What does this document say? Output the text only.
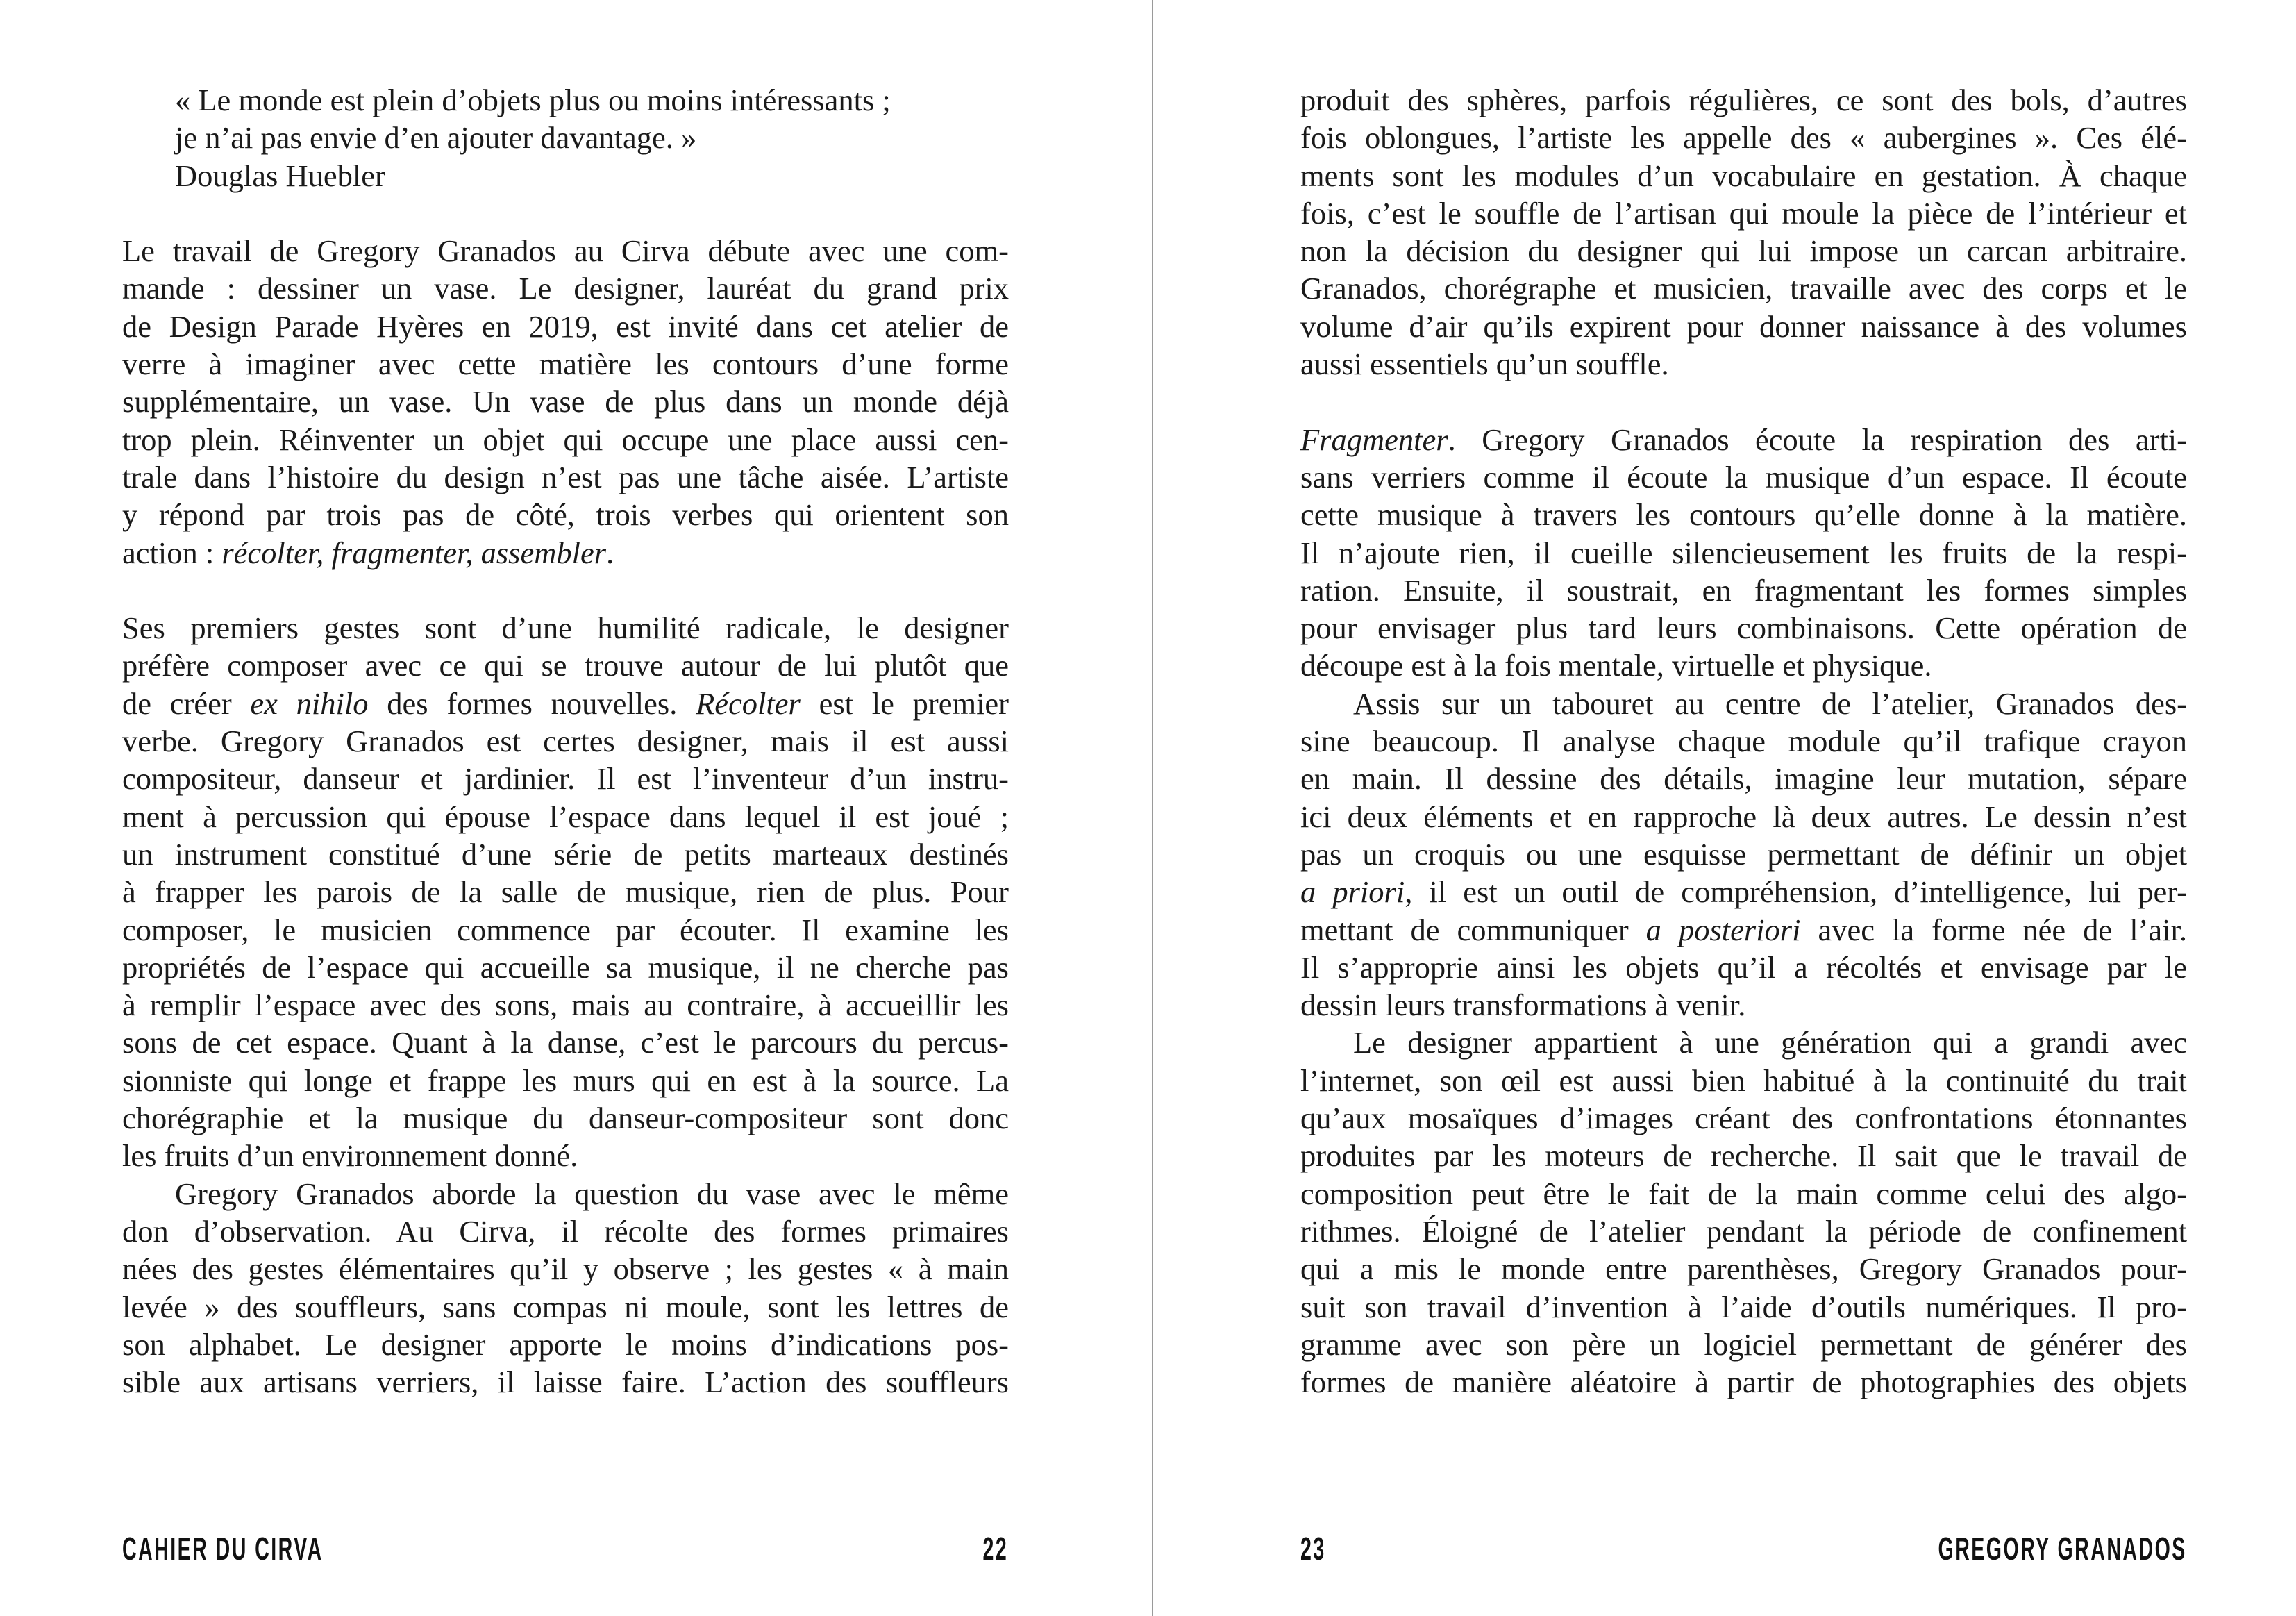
« Le monde est plein d’objets plus ou moins intéressants ;
je n’ai pas envie d’en ajouter davantage. »
Douglas Huebler
Le travail de Gregory Granados au Cirva débute avec une com-
mande : dessiner un vase. Le designer, lauréat du grand prix
de Design Parade Hyères en 2019, est invité dans cet atelier de
verre à imaginer avec cette matière les contours d’une forme
supplémentaire, un vase. Un vase de plus dans un monde déjà
trop plein. Réinventer un objet qui occupe une place aussi cen-
trale dans l’histoire du design n’est pas une tâche aisée. L’artiste
y répond par trois pas de côté, trois verbes qui orientent son
action : récolter, fragmenter, assembler.
Ses premiers gestes sont d’une humilité radicale, le designer
préfère composer avec ce qui se trouve autour de lui plutôt que
de créer ex nihilo des formes nouvelles. Récolter est le premier
verbe. Gregory Granados est certes designer, mais il est aussi
compositeur, danseur et jardinier. Il est l’inventeur d’un instru-
ment à percussion qui épouse l’espace dans lequel il est joué ;
un instrument constitué d’une série de petits marteaux destinés
à frapper les parois de la salle de musique, rien de plus. Pour
composer, le musicien commence par écouter. Il examine les
propriétés de l’espace qui accueille sa musique, il ne cherche pas
à remplir l’espace avec des sons, mais au contraire, à accueillir les
sons de cet espace. Quant à la danse, c’est le parcours du percus-
sionniste qui longe et frappe les murs qui en est à la source. La
chorégraphie et la musique du danseur-compositeur sont donc
les fruits d’un environnement donné.
Gregory Granados aborde la question du vase avec le même
don d’observation. Au Cirva, il récolte des formes primaires
nées des gestes élémentaires qu’il y observe ; les gestes « à main
levée » des souffleurs, sans compas ni moule, sont les lettres de
son alphabet. Le designer apporte le moins d’indications pos-
sible aux artisans verriers, il laisse faire. L’action des souffleurs
produit des sphères, parfois régulières, ce sont des bols, d’autres
fois oblongues, l’artiste les appelle des « aubergines ». Ces élé-
ments sont les modules d’un vocabulaire en gestation. À chaque
fois, c’est le souffle de l’artisan qui moule la pièce de l’intérieur et
non la décision du designer qui lui impose un carcan arbitraire.
Granados, chorégraphe et musicien, travaille avec des corps et le
volume d’air qu’ils expirent pour donner naissance à des volumes
aussi essentiels qu’un souffle.
Fragmenter. Gregory Granados écoute la respiration des arti-
sans verriers comme il écoute la musique d’un espace. Il écoute
cette musique à travers les contours qu’elle donne à la matière.
Il n’ajoute rien, il cueille silencieusement les fruits de la respi-
ration. Ensuite, il soustrait, en fragmentant les formes simples
pour envisager plus tard leurs combinaisons. Cette opération de
découpe est à la fois mentale, virtuelle et physique.
Assis sur un tabouret au centre de l’atelier, Granados des-
sine beaucoup. Il analyse chaque module qu’il trafique crayon
en main. Il dessine des détails, imagine leur mutation, sépare
ici deux éléments et en rapproche là deux autres. Le dessin n’est
pas un croquis ou une esquisse permettant de définir un objet
a priori, il est un outil de compréhension, d’intelligence, lui per-
mettant de communiquer a posteriori avec la forme née de l’air.
Il s’approprie ainsi les objets qu’il a récoltés et envisage par le
dessin leurs transformations à venir.
Le designer appartient à une génération qui a grandi avec
l’internet, son œil est aussi bien habitué à la continuité du trait
qu’aux mosaïques d’images créant des confrontations étonnantes
produites par les moteurs de recherche. Il sait que le travail de
composition peut être le fait de la main comme celui des algo-
rithmes. Éloigné de l’atelier pendant la période de confinement
qui a mis le monde entre parenthèses, Gregory Granados pour-
suit son travail d’invention à l’aide d’outils numériques. Il pro-
gramme avec son père un logiciel permettant de générer des
formes de manière aléatoire à partir de photographies des objets
CAHIER DU CIRVA	22	23	GREGORY GRANADOS
